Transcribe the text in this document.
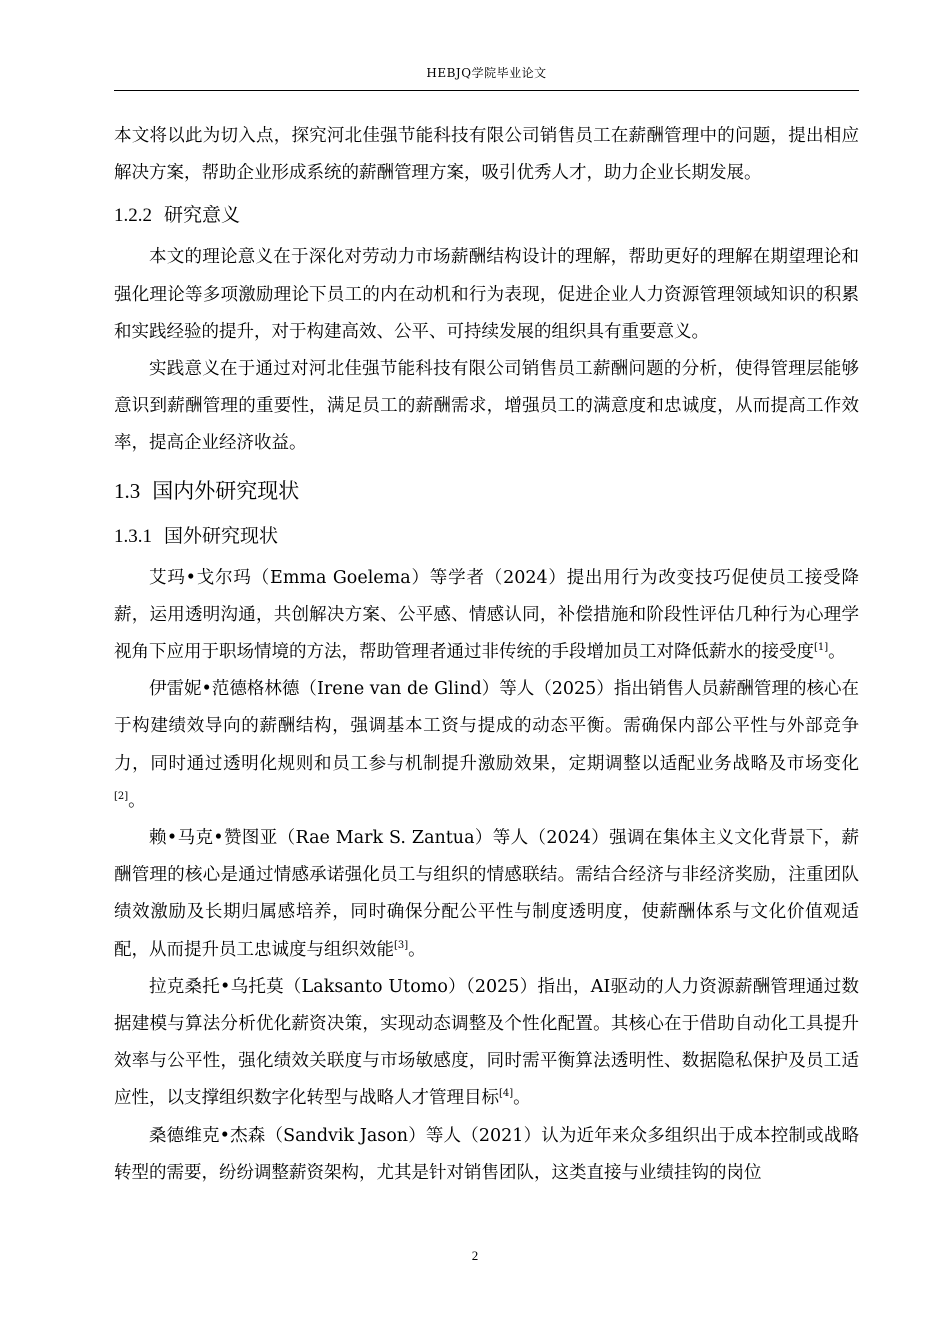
HEBJQ学院毕业论文

本文将以此为切入点，探究河北佳强节能科技有限公司销售员工在薪酬管理中的问题，提出相应解决方案，帮助企业形成系统的薪酬管理方案，吸引优秀人才，助力企业长期发展。

1.2.2 研究意义

本文的理论意义在于深化对劳动力市场薪酬结构设计的理解，帮助更好的理解在期望理论和强化理论等多项激励理论下员工的内在动机和行为表现，促进企业人力资源管理领域知识的积累和实践经验的提升，对于构建高效、公平、可持续发展的组织具有重要意义。

实践意义在于通过对河北佳强节能科技有限公司销售员工薪酬问题的分析，使得管理层能够意识到薪酬管理的重要性，满足员工的薪酬需求，增强员工的满意度和忠诚度，从而提高工作效率，提高企业经济收益。

1.3 国内外研究现状
1.3.1 国外研究现状

艾玛•戈尔玛（Emma Goelema）等学者（2024）提出用行为改变技巧促使员工接受降薪，运用透明沟通，共创解决方案、公平感、情感认同，补偿措施和阶段性评估几种行为心理学视角下应用于职场情境的方法，帮助管理者通过非传统的手段增加员工对降低薪水的接受度[1]。

伊雷妮•范德格林德（Irene van de Glind）等人（2025）指出销售人员薪酬管理的核心在于构建绩效导向的薪酬结构，强调基本工资与提成的动态平衡。需确保内部公平性与外部竞争力，同时通过透明化规则和员工参与机制提升激励效果，定期调整以适配业务战略及市场变化[2]。

赖•马克•赞图亚（Rae Mark S. Zantua）等人（2024）强调在集体主义文化背景下，薪酬管理的核心是通过情感承诺强化员工与组织的情感联结。需结合经济与非经济奖励，注重团队绩效激励及长期归属感培养，同时确保分配公平性与制度透明度，使薪酬体系与文化价值观适配，从而提升员工忠诚度与组织效能[3]。

拉克桑托•乌托莫（Laksanto Utomo）（2025）指出，AI驱动的人力资源薪酬管理通过数据建模与算法分析优化薪资决策，实现动态调整及个性化配置。其核心在于借助自动化工具提升效率与公平性，强化绩效关联度与市场敏感度，同时需平衡算法透明性、数据隐私保护及员工适应性，以支撑组织数字化转型与战略人才管理目标[4]。

桑德维克•杰森（Sandvik Jason）等人（2021）认为近年来众多组织出于成本控制或战略转型的需要，纷纷调整薪资架构，尤其是针对销售团队，这类直接与业绩挂钩的岗位

2
